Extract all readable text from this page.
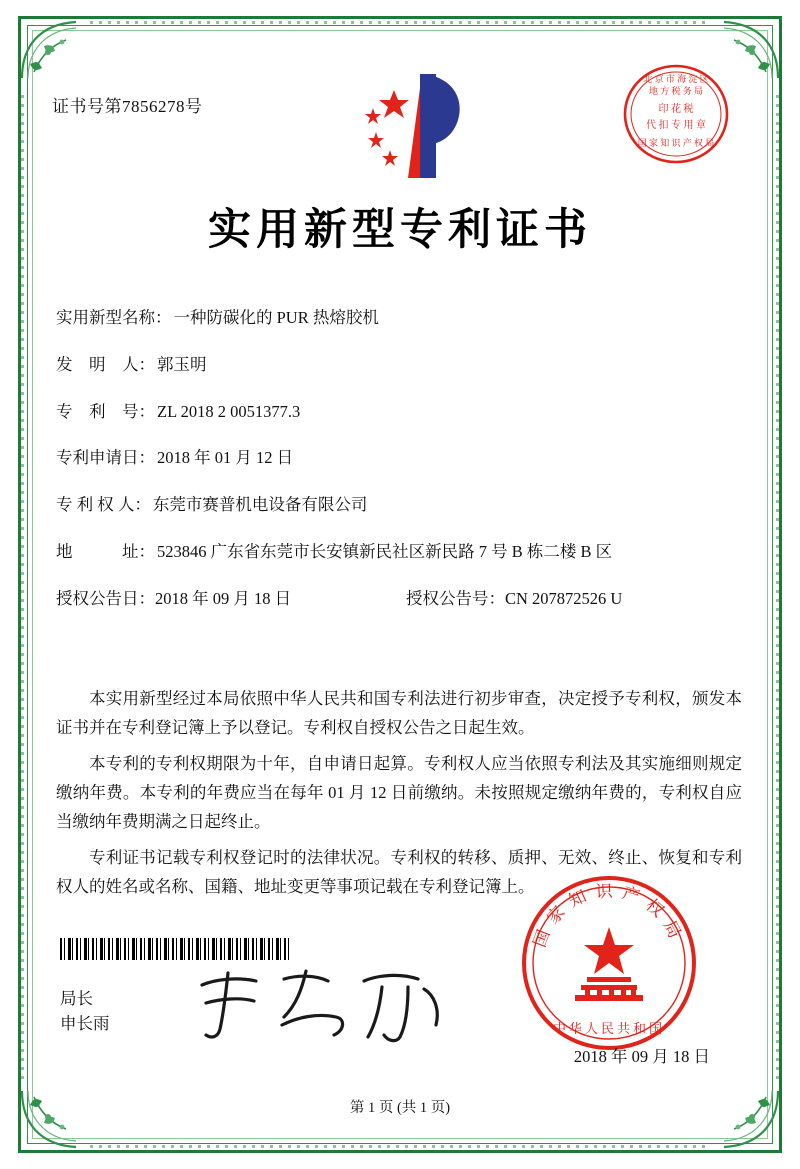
证书号第7856278号
北 京 市 海 淀 区
地 方 税 务 局
印 花 税
代 扣 专 用 章
国 家 知 识 产 权 局
实用新型专利证书
实用新型名称 ： 一种防碳化的 PUR 热熔胶机
发　明　人 ： 郭玉明
专　利　号 ： ZL 2018 2 0051377.3
专利申请日 ： 2018 年 01 月 12 日
专 利 权 人 ： 东莞市赛普机电设备有限公司
地　　　址 ： 523846 广东省东莞市长安镇新民社区新民路 7 号 B 栋二楼 B 区
授权公告日：2018 年 09 月 18 日	授权公告号：CN 207872526 U

本实用新型经过本局依照中华人民共和国专利法进行初步审查，决定授予专利权，颁发本证书并在专利登记簿上予以登记。专利权自授权公告之日起生效。

本专利的专利权期限为十年，自申请日起算。专利权人应当依照专利法及其实施细则规定缴纳年费。本专利的年费应当在每年 01 月 12 日前缴纳。未按照规定缴纳年费的，专利权自应当缴纳年费期满之日起终止。

专利证书记载专利权登记时的法律状况。专利权的转移、质押、无效、终止、恢复和专利权人的姓名或名称、国籍、地址变更等事项记载在专利登记簿上。

局长
申长雨
国 家 知 识 产 权 局
中华人民共和国
2018 年 09 月 18 日
第 1 页 (共 1 页)
